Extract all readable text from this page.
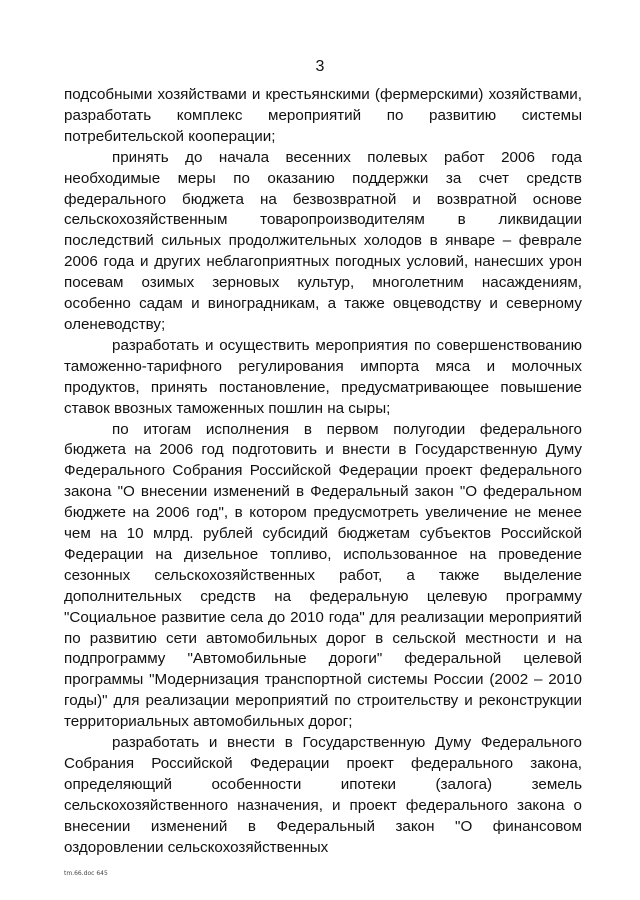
3

подсобными хозяйствами и крестьянскими (фермерскими) хозяйствами, разработать комплекс мероприятий по развитию системы потребительской кооперации;

принять до начала весенних полевых работ 2006 года необходимые меры по оказанию поддержки за счет средств федерального бюджета на безвозвратной и возвратной основе сельскохозяйственным товаропроизводителям в ликвидации последствий сильных продолжительных холодов в январе – феврале 2006 года и других неблагоприятных погодных условий, нанесших урон посевам озимых зерновых культур, многолетним насаждениям, особенно садам и виноградникам, а также овцеводству и северному оленеводству;

разработать и осуществить мероприятия по совершенствованию таможенно-тарифного регулирования импорта мяса и молочных продуктов, принять постановление, предусматривающее повышение ставок ввозных таможенных пошлин на сыры;

по итогам исполнения в первом полугодии федерального бюджета на 2006 год подготовить и внести в Государственную Думу Федерального Собрания Российской Федерации проект федерального закона "О внесении изменений в Федеральный закон "О федеральном бюджете на 2006 год", в котором предусмотреть увеличение не менее чем на 10 млрд. рублей субсидий бюджетам субъектов Российской Федерации на дизельное топливо, использованное на проведение сезонных сельскохозяйственных работ, а также выделение дополнительных средств на федеральную целевую программу "Социальное развитие села до 2010 года" для реализации мероприятий по развитию сети автомобильных дорог в сельской местности и на подпрограмму "Автомобильные дороги" федеральной целевой программы "Модернизация транспортной системы России (2002 – 2010 годы)" для реализации мероприятий по строительству и реконструкции территориальных автомобильных дорог;

разработать и внести в Государственную Думу Федерального Собрания Российской Федерации проект федерального закона, определяющий особенности ипотеки (залога) земель сельскохозяйственного назначения, и проект федерального закона о внесении изменений в Федеральный закон "О финансовом оздоровлении сельскохозяйственных

tm.66.doc 645
